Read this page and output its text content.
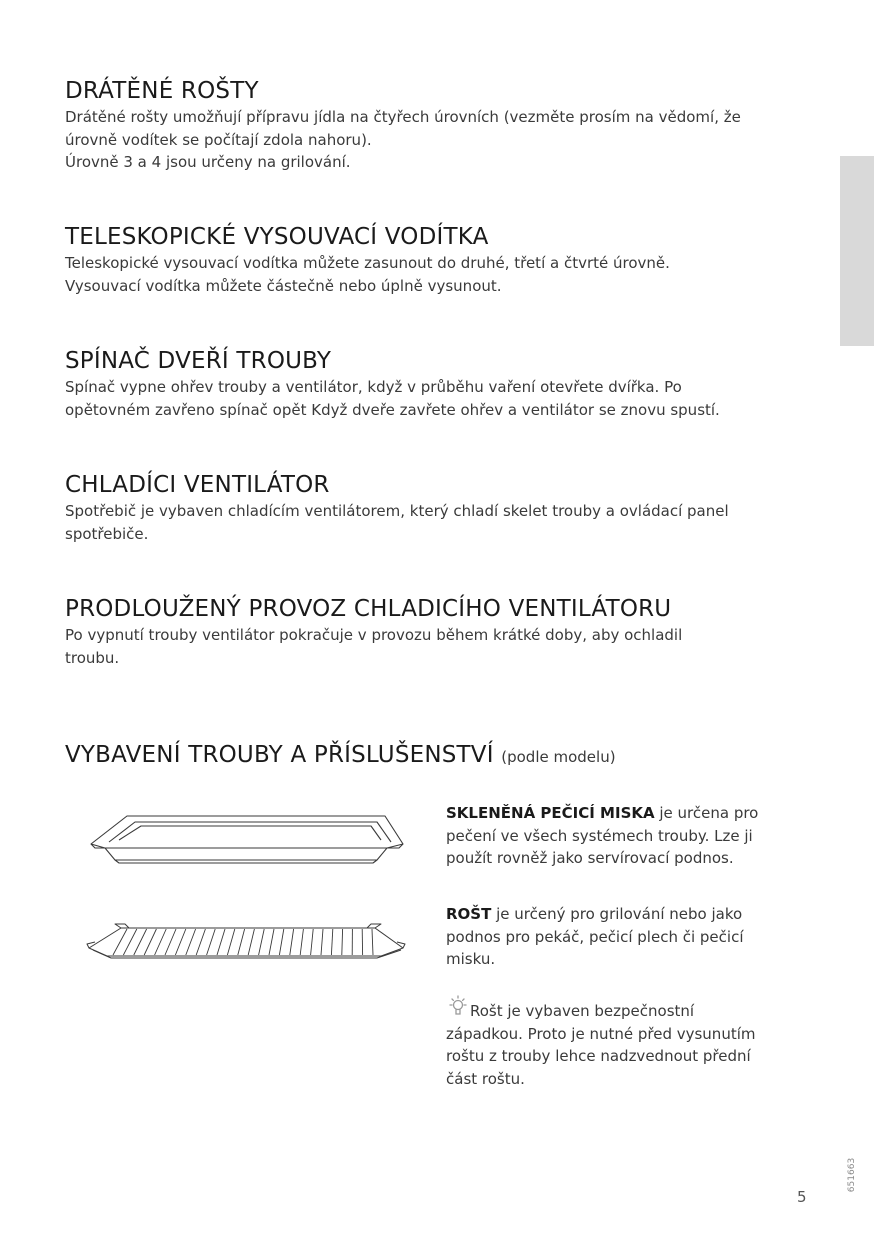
DRÁTĚNÉ ROŠTY

Drátěné rošty umožňují přípravu jídla na čtyřech úrovních (vezměte prosím na vědomí, že

úrovně vodítek se počítají zdola nahoru).

Úrovně 3 a 4 jsou určeny na grilování.

TELESKOPICKÉ VYSOUVACÍ VODÍTKA

Teleskopické vysouvací vodítka můžete zasunout do druhé, třetí a čtvrté úrovně.

Vysouvací vodítka můžete částečně nebo úplně vysunout.

SPÍNAČ DVEŘÍ TROUBY

Spínač vypne ohřev trouby a ventilátor, když v průběhu vaření otevřete dvířka. Po

opětovném zavřeno spínač opět Když dveře zavřete ohřev a ventilátor se znovu spustí.

CHLADÍCI VENTILÁTOR

Spotřebič je vybaven chladícím ventilátorem, který chladí skelet trouby a ovládací panel

spotřebiče.

PRODLOUŽENÝ PROVOZ CHLADICÍHO VENTILÁTORU

Po vypnutí trouby ventilátor pokračuje v provozu během krátké doby, aby ochladil

troubu.

VYBAVENÍ TROUBY A PŘÍSLUŠENSTVÍ (podle modelu)
SKLENĚNÁ PEČICÍ MISKA je určena pro
pečení ve všech systémech trouby. Lze ji
použít rovněž jako servírovací podnos.
ROŠT je určený pro grilování nebo jako
podnos pro pekáč, pečicí plech či pečicí
misku.
Rošt je vybaven bezpečnostní
západkou. Proto je nutné před vysunutím
roštu z trouby lehce nadzvednout přední
část roštu.
651663
5
